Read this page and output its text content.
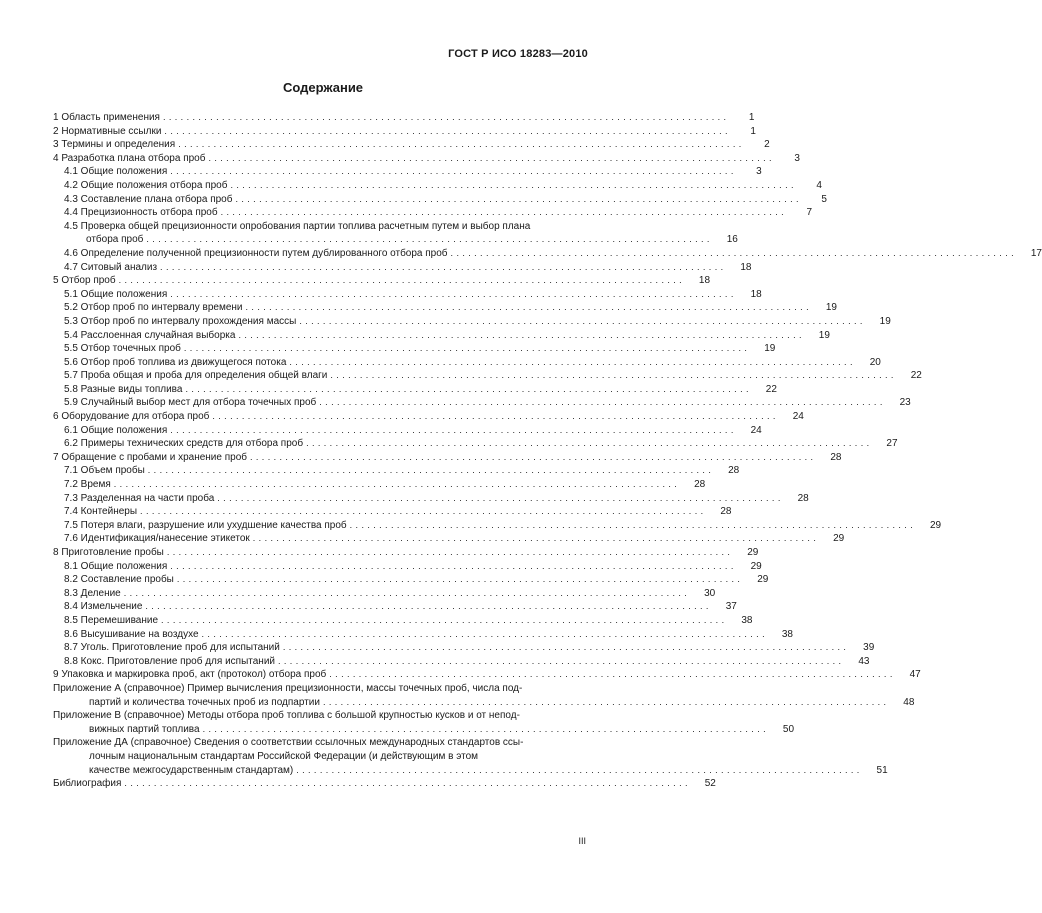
ГОСТ Р ИСО 18283—2010
Содержание
1 Область применения ................................................................................................	1
2 Нормативные ссылки ................................................................................................	1
3 Термины и определения ................................................................................................	2
4 Разработка плана отбора проб ................................................................................................	3
4.1 Общие положения ................................................................................................	3
4.2 Общие положения отбора проб ................................................................................................	4
4.3 Составление плана отбора проб ................................................................................................	5
4.4 Прецизионность отбора проб ................................................................................................	7
4.5 Проверка общей прецизионности опробования партии топлива расчетным путем и выбор плана
отбора проб ................................................................................................	16
4.6 Определение полученной прецизионности путем дублированного отбора проб ................................................................................................	17
4.7 Ситовый анализ ................................................................................................	18
5 Отбор проб ................................................................................................	18
5.1 Общие положения ................................................................................................	18
5.2 Отбор проб по интервалу времени ................................................................................................	19
5.3 Отбор проб по интервалу прохождения массы ................................................................................................	19
5.4 Расслоенная случайная выборка ................................................................................................	19
5.5 Отбор точечных проб ................................................................................................	19
5.6 Отбор проб топлива из движущегося потока ................................................................................................	20
5.7 Проба общая и проба для определения общей влаги ................................................................................................	22
5.8 Разные виды топлива ................................................................................................	22
5.9 Случайный выбор мест для отбора точечных проб ................................................................................................	23
6 Оборудование для отбора проб ................................................................................................	24
6.1 Общие положения ................................................................................................	24
6.2 Примеры технических средств для отбора проб ................................................................................................	27
7 Обращение с пробами и хранение проб ................................................................................................	28
7.1 Объем пробы ................................................................................................	28
7.2 Время ................................................................................................	28
7.3 Разделенная на части проба ................................................................................................	28
7.4 Контейнеры ................................................................................................	28
7.5 Потеря влаги, разрушение или ухудшение качества проб ................................................................................................	29
7.6 Идентификация/нанесение этикеток ................................................................................................	29
8 Приготовление пробы ................................................................................................	29
8.1 Общие положения ................................................................................................	29
8.2 Составление пробы ................................................................................................	29
8.3 Деление ................................................................................................	30
8.4 Измельчение ................................................................................................	37
8.5 Перемешивание ................................................................................................	38
8.6 Высушивание на воздухе ................................................................................................	38
8.7 Уголь. Приготовление проб для испытаний ................................................................................................	39
8.8 Кокс. Приготовление проб для испытаний ................................................................................................	43
9 Упаковка и маркировка проб, акт (протокол) отбора проб ................................................................................................	47
Приложение А (справочное) Пример вычисления прецизионности, массы точечных проб, числа под-
партий и количества точечных проб из подпартии ................................................................................................	48
Приложение В (справочное) Методы отбора проб топлива с большой крупностью кусков и от непод-
вижных партий топлива ................................................................................................	50
Приложение ДА (справочное) Сведения о соответствии ссылочных международных стандартов ссы-
лочным национальным стандартам Российской Федерации (и действующим в этом
качестве межгосударственным стандартам) ................................................................................................	51
Библиография ................................................................................................	52
III
